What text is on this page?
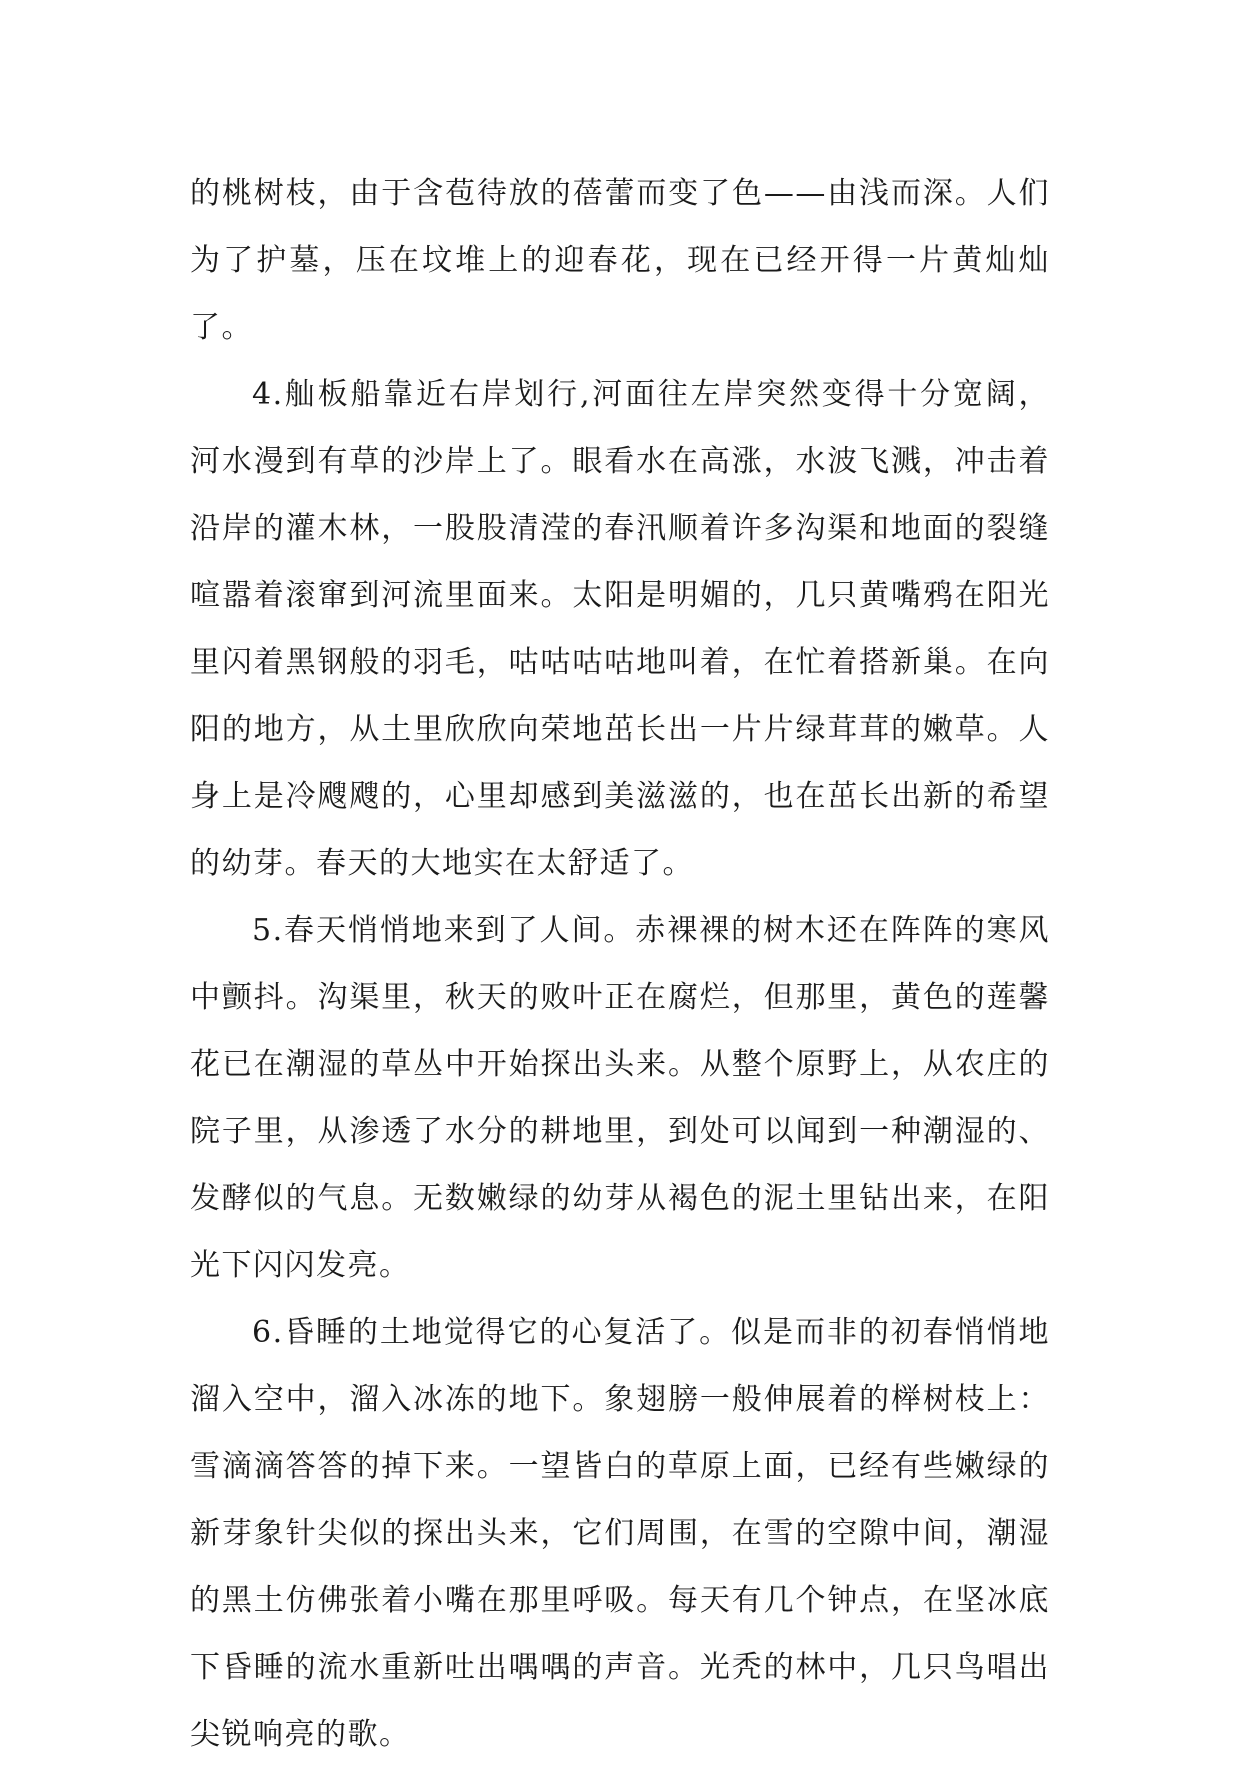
的桃树枝，由于含苞待放的蓓蕾而变了色——由浅而深。人们为了护墓，压在坟堆上的迎春花，现在已经开得一片黄灿灿了。

4.舢板船靠近右岸划行,河面往左岸突然变得十分宽阔，河水漫到有草的沙岸上了。眼看水在高涨，水波飞溅，冲击着沿岸的灌木林，一股股清滢的春汛顺着许多沟渠和地面的裂缝喧嚣着滚窜到河流里面来。太阳是明媚的，几只黄嘴鸦在阳光里闪着黑钢般的羽毛，咕咕咕咕地叫着，在忙着搭新巢。在向阳的地方，从土里欣欣向荣地茁长出一片片绿茸茸的嫩草。人身上是冷飕飕的，心里却感到美滋滋的，也在茁长出新的希望的幼芽。春天的大地实在太舒适了。

5.春天悄悄地来到了人间。赤裸裸的树木还在阵阵的寒风中颤抖。沟渠里，秋天的败叶正在腐烂，但那里，黄色的莲馨花已在潮湿的草丛中开始探出头来。从整个原野上，从农庄的院子里，从渗透了水分的耕地里，到处可以闻到一种潮湿的、发酵似的气息。无数嫩绿的幼芽从褐色的泥土里钻出来，在阳光下闪闪发亮。

6.昏睡的土地觉得它的心复活了。似是而非的初春悄悄地溜入空中，溜入冰冻的地下。象翅膀一般伸展着的榉树枝上：雪滴滴答答的掉下来。一望皆白的草原上面，已经有些嫩绿的新芽象针尖似的探出头来，它们周围，在雪的空隙中间，潮湿的黑土仿佛张着小嘴在那里呼吸。每天有几个钟点，在坚冰底下昏睡的流水重新吐出喁喁的声音。光秃的林中，几只鸟唱出尖锐响亮的歌。
